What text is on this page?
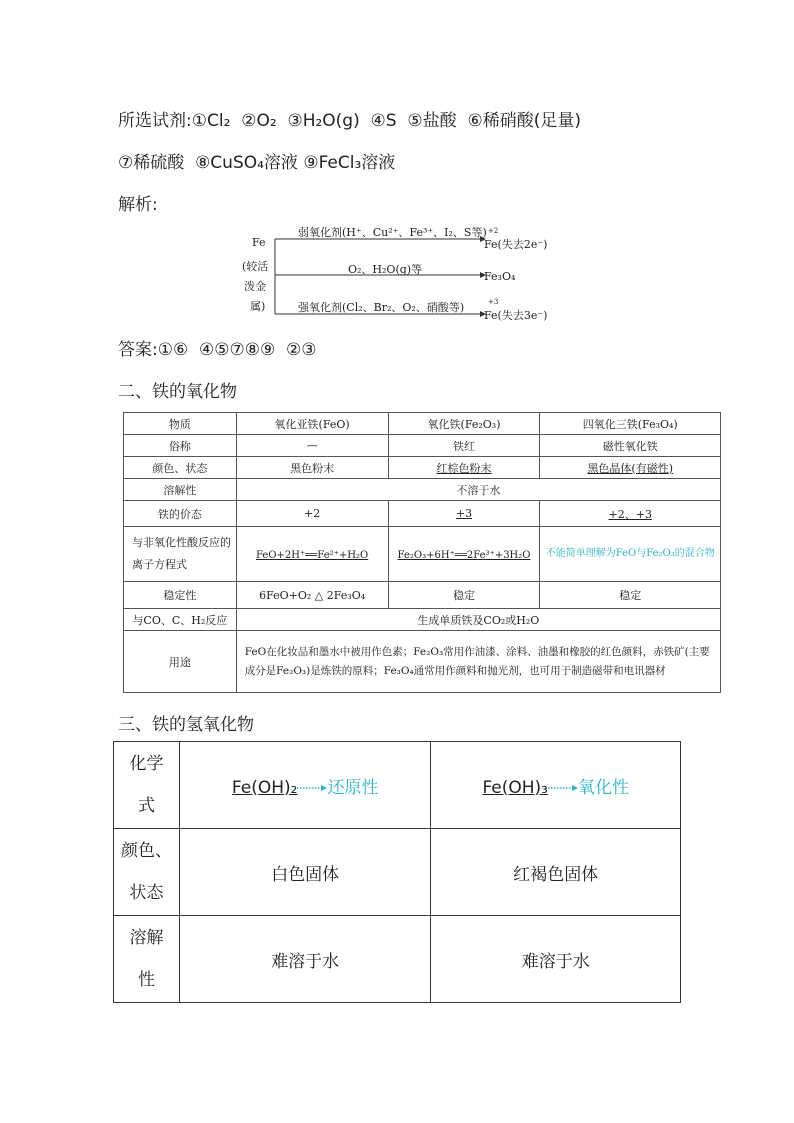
所选试剂:①Cl₂ ②O₂ ③H₂O(g) ④S ⑤盐酸 ⑥稀硝酸(足量)
⑦稀硫酸 ⑧CuSO₄溶液 ⑨FeCl₃溶液
解析:
Fe
(较活
泼金
属)
弱氧化剂(H⁺、Cu²⁺、Fe³⁺、I₂、S等)
O₂、H₂O(g)等
强氧化剂(Cl₂、Br₂、O₂、硝酸等)
+2
Fe(失去2e⁻)
Fe₃O₄
+3
Fe(失去3e⁻)
答案:①⑥  ④⑤⑦⑧⑨  ②③
二、铁的氧化物
物质	氧化亚铁(FeO)	氧化铁(Fe₂O₃)	四氧化三铁(Fe₃O₄)
俗称	—	铁红	磁性氧化铁
颜色、状态	黑色粉末	红棕色粉末	黑色晶体(有磁性)
溶解性	不溶于水		
铁的价态	+2	+3	+2、+3
与非氧化性酸反应的离子方程式	FeO+2H⁺══Fe²⁺+H₂O	Fe₂O₃+6H⁺══2Fe³⁺+3H₂O	不能简单理解为FeO与Fe₂O₃的混合物
稳定性	6FeO+O₂ △ 2Fe₃O₄	稳定	稳定
与CO、C、H₂反应	生成单质铁及CO₂或H₂O		
用途	FeO在化妆品和墨水中被用作色素；Fe₂O₃常用作油漆、涂料、油墨和橡胶的红色颜料，赤铁矿(主要成分是Fe₂O₃)是炼铁的原料；Fe₃O₄通常用作颜料和抛光剂，也可用于制造磁带和电讯器材		
三、铁的氢氧化物
化学
式	Fe(OH)₂ 还原性	Fe(OH)₃ 氧化性

颜色、
状态	白色固体	红褐色固体

溶解
性	难溶于水	难溶于水
